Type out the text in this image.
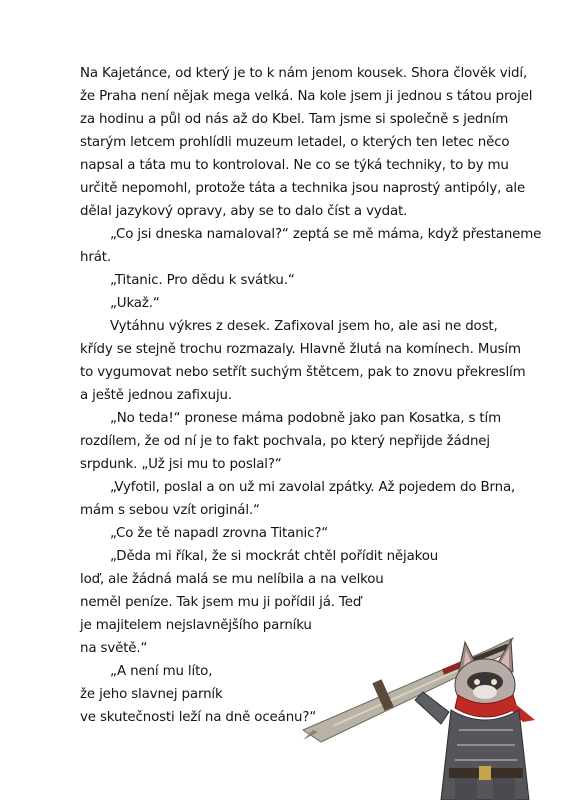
Na Kajetánce, od který je to k nám jenom kousek. Shora člověk vidí,
že Praha není nějak mega velká. Na kole jsem ji jednou s tátou projel
za hodinu a půl od nás až do Kbel. Tam jsme si společně s jedním
starým letcem prohlídli muzeum letadel, o kterých ten letec něco
napsal a táta mu to kontroloval. Ne co se týká techniky, to by mu
určitě nepomohl, protože táta a technika jsou naprostý antipóly, ale
dělal jazykový opravy, aby se to dalo číst a vydat.
„Co jsi dneska namaloval?“ zeptá se mě máma, když přestaneme
hrát.
„Titanic. Pro dědu k svátku.“
„Ukaž.“
Vytáhnu výkres z desek. Zafixoval jsem ho, ale asi ne dost,
křídy se stejně trochu rozmazaly. Hlavně žlutá na komínech. Musím
to vygumovat nebo setřít suchým štětcem, pak to znovu překreslím
a ještě jednou zafixuju.
„No teda!“ pronese máma podobně jako pan Kosatka, s tím
rozdílem, že od ní je to fakt pochvala, po který nepřijde žádnej
srpdunk. „Už jsi mu to poslal?“
„Vyfotil, poslal a on už mi zavolal zpátky. Až pojedem do Brna,
mám s sebou vzít originál.“
„Co že tě napadl zrovna Titanic?“
„Děda mi říkal, že si mockrát chtěl pořídit nějakou
loď, ale žádná malá se mu nelíbila a na velkou
neměl peníze. Tak jsem mu ji pořídil já. Teď
je majitelem nejslavnějšího parníku
na světě.“
„A není mu líto,
že jeho slavnej parník
ve skutečnosti leží na dně oceánu?“
